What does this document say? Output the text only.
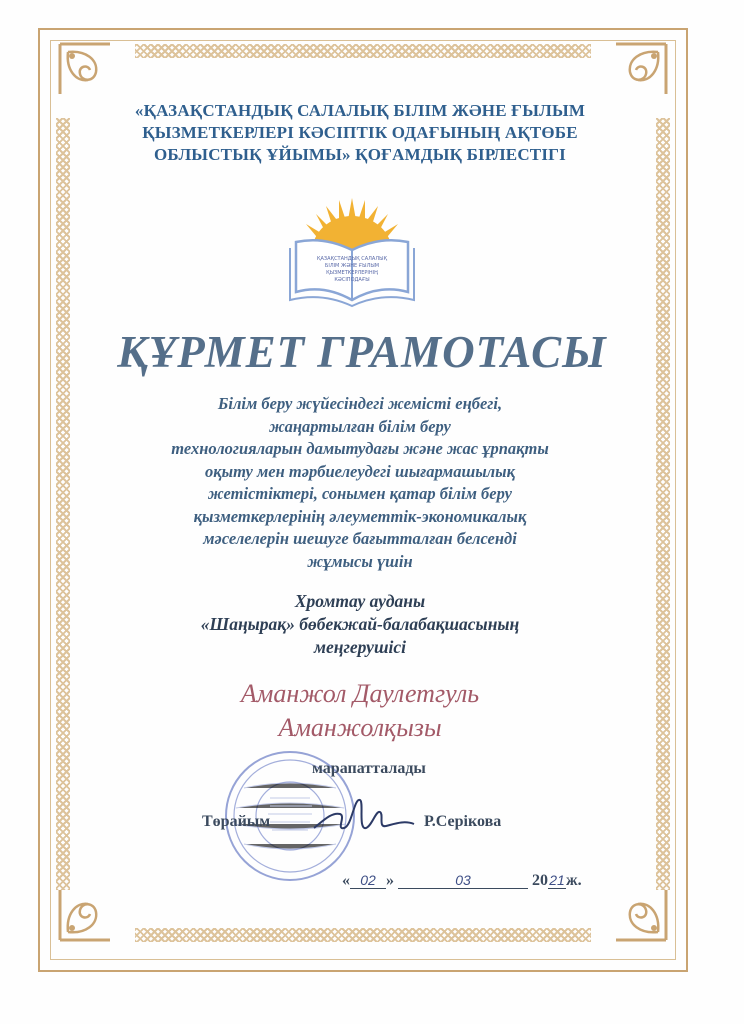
«ҚАЗАҚСТАНДЫҚ САЛАЛЫҚ БІЛІМ ЖӘНЕ ҒЫЛЫМ
ҚЫЗМЕТКЕРЛЕРІ КӘСІПТІК ОДАҒЫНЫҢ АҚТӨБЕ
ОБЛЫСТЫҚ ҰЙЫМЫ» ҚОҒАМДЫҚ БІРЛЕСТІГІ
ҚАЗАҚСТАНДЫҚ САЛАЛЫҚ
БІЛІМ ЖӘНЕ ҒЫЛЫМ
ҚЫЗМЕТКЕРЛЕРІНІҢ
КӘСІПОДАҒЫ
ҚҰРМЕТ ГРАМОТАСЫ
Білім беру жүйесіндегі жемісті еңбегі,
жаңартылған білім беру
технологияларын дамытудағы және жас ұрпақты
оқыту мен тәрбиелеудегі шығармашылық
жетістіктері, сонымен қатар білім беру
қызметкерлерінің әлеуметтік-экономикалық
мәселелерін шешуге бағытталған белсенді
жұмысы үшін
Хромтау ауданы
«Шаңырақ» бөбекжай-балабақшасының
меңгерушісі
Аманжол Даулетгуль
Аманжолқызы
марапатталады
Төрайым	Р.Серікова
« 02 »	03	2021ж.
